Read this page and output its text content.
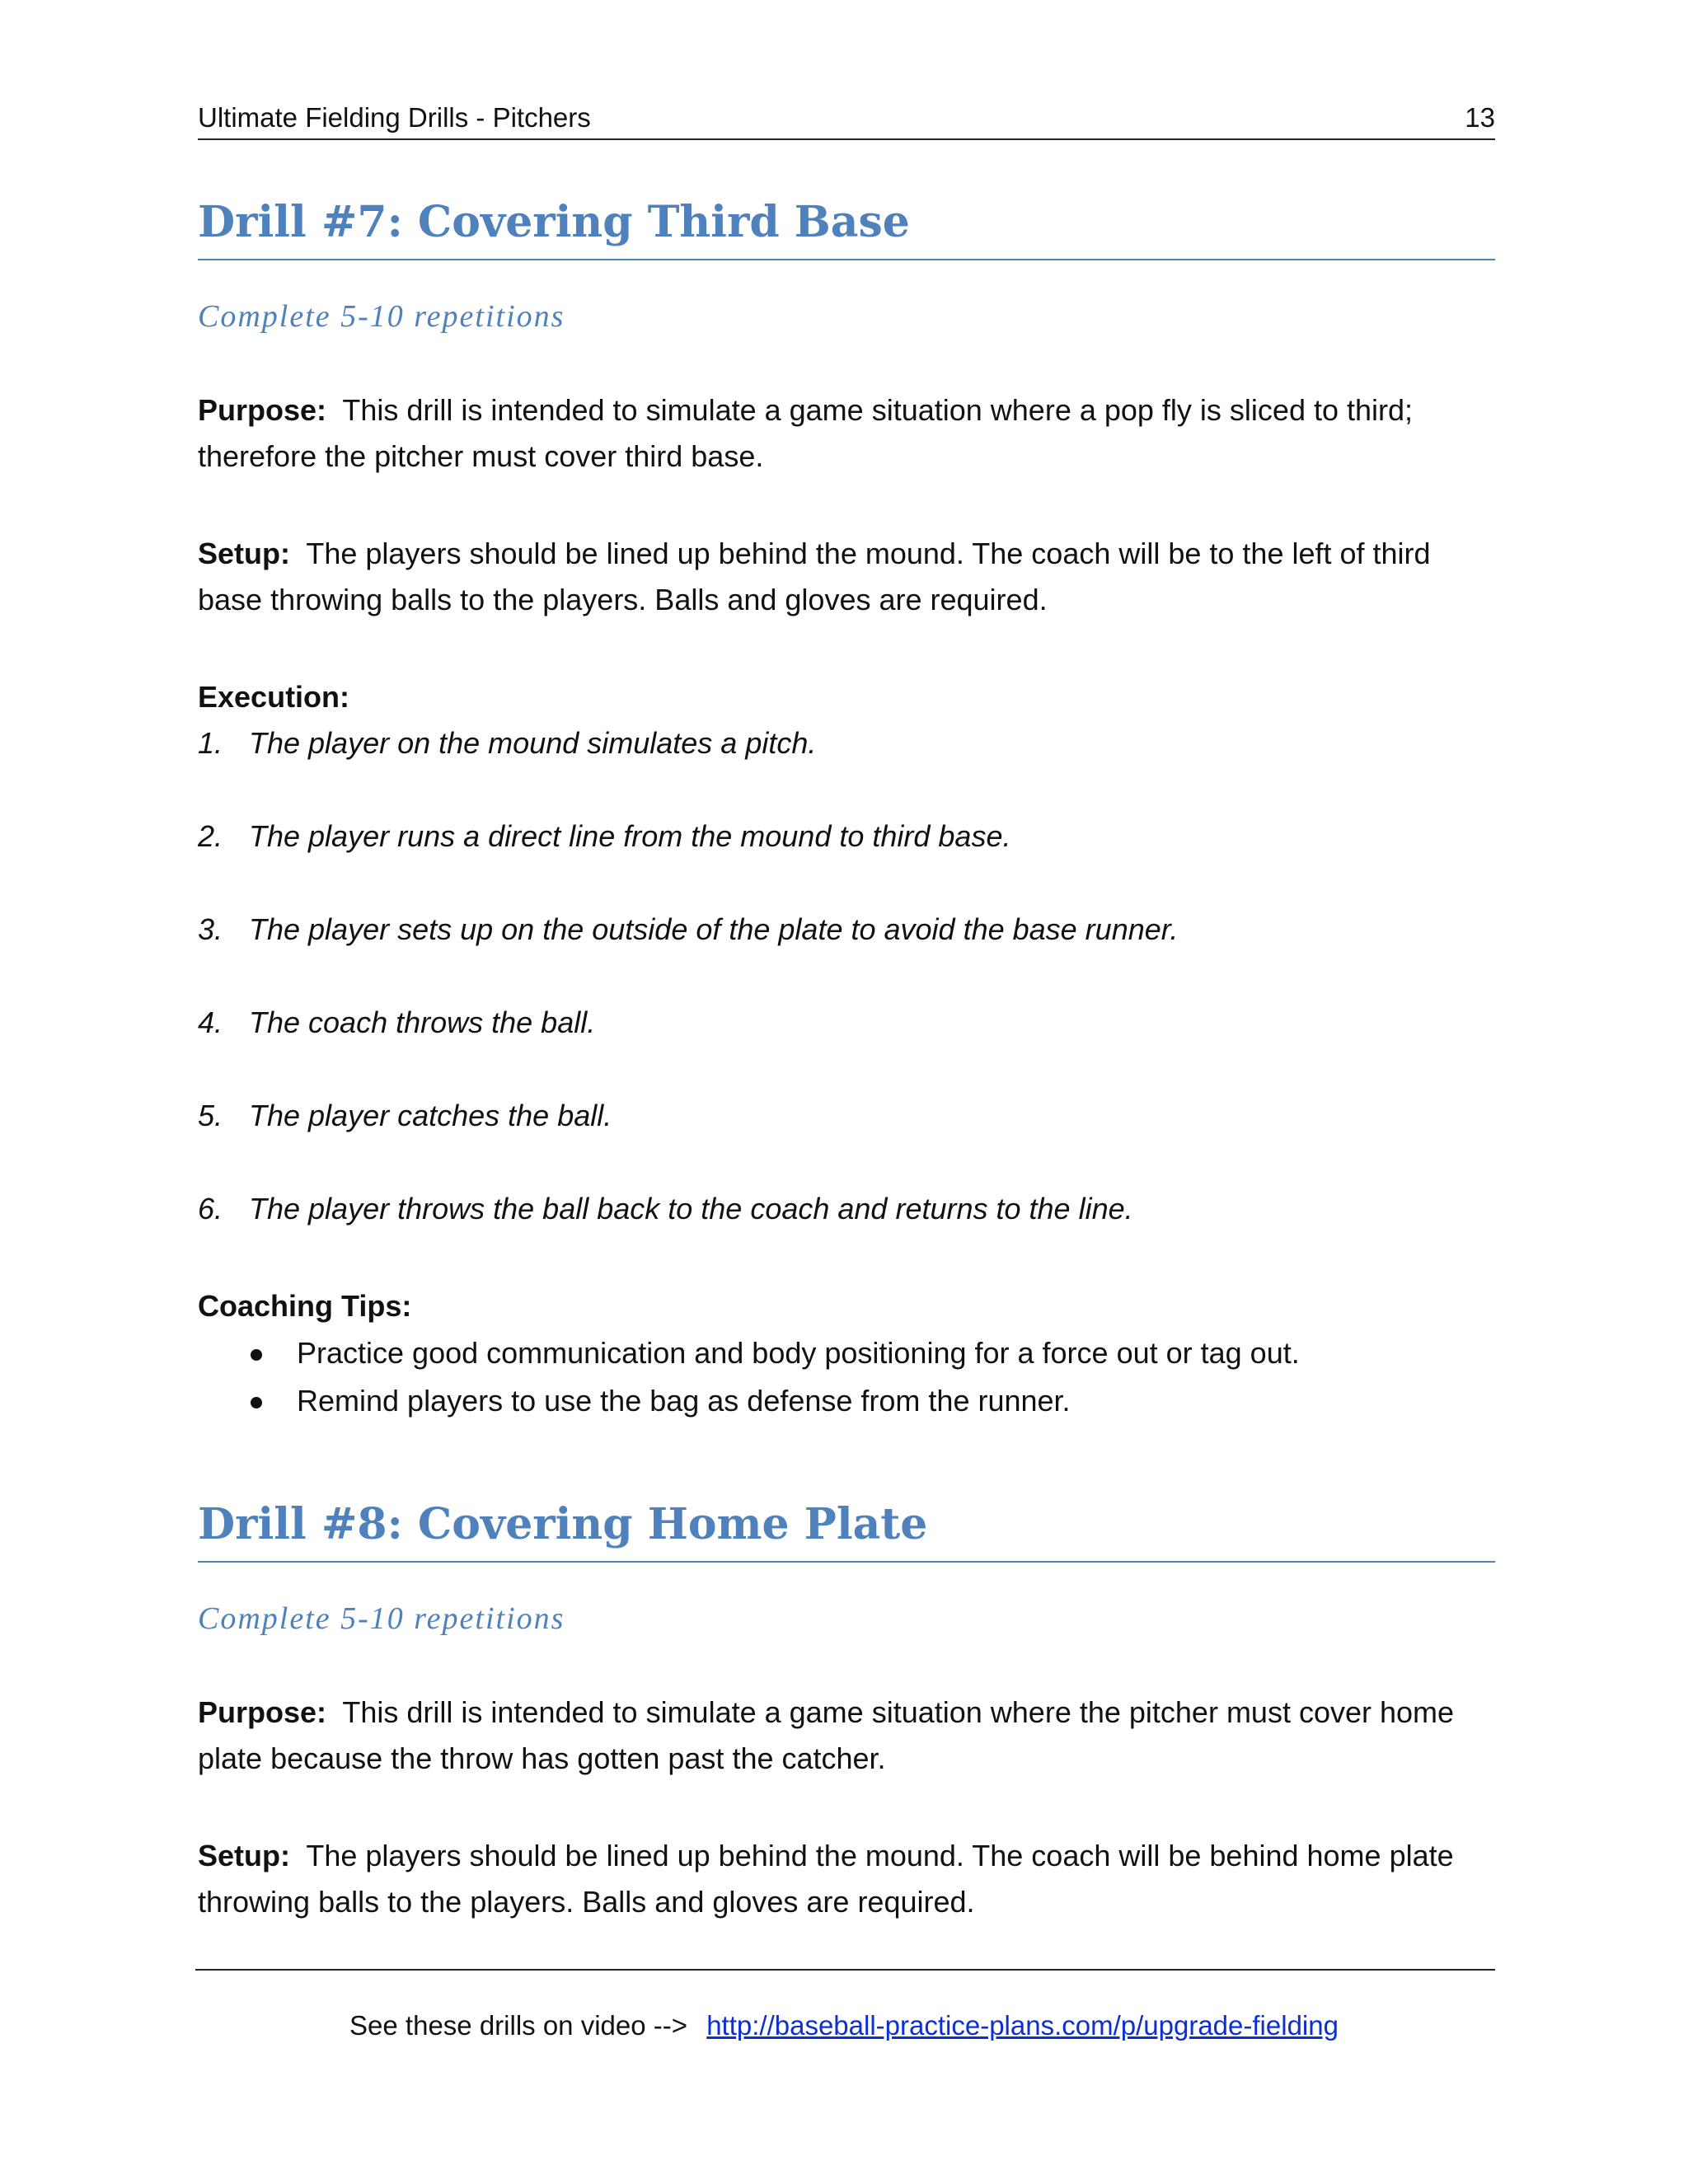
Ultimate Fielding Drills - Pitchers	13
Drill #7: Covering Third Base

Complete 5-10 repetitions

Purpose: This drill is intended to simulate a game situation where a pop fly is sliced to third; therefore the pitcher must cover third base.

Setup: The players should be lined up behind the mound. The coach will be to the left of third base throwing balls to the players. Balls and gloves are required.

Execution:

1. The player on the mound simulates a pitch.
2. The player runs a direct line from the mound to third base.
3. The player sets up on the outside of the plate to avoid the base runner.
4. The coach throws the ball.
5. The player catches the ball.
6. The player throws the ball back to the coach and returns to the line.

Coaching Tips:

Practice good communication and body positioning for a force out or tag out.
Remind players to use the bag as defense from the runner.
Drill #8: Covering Home Plate

Complete 5-10 repetitions

Purpose: This drill is intended to simulate a game situation where the pitcher must cover home plate because the throw has gotten past the catcher.

Setup: The players should be lined up behind the mound. The coach will be behind home plate throwing balls to the players. Balls and gloves are required.

See these drills on video --> http://baseball-practice-plans.com/p/upgrade-fielding
